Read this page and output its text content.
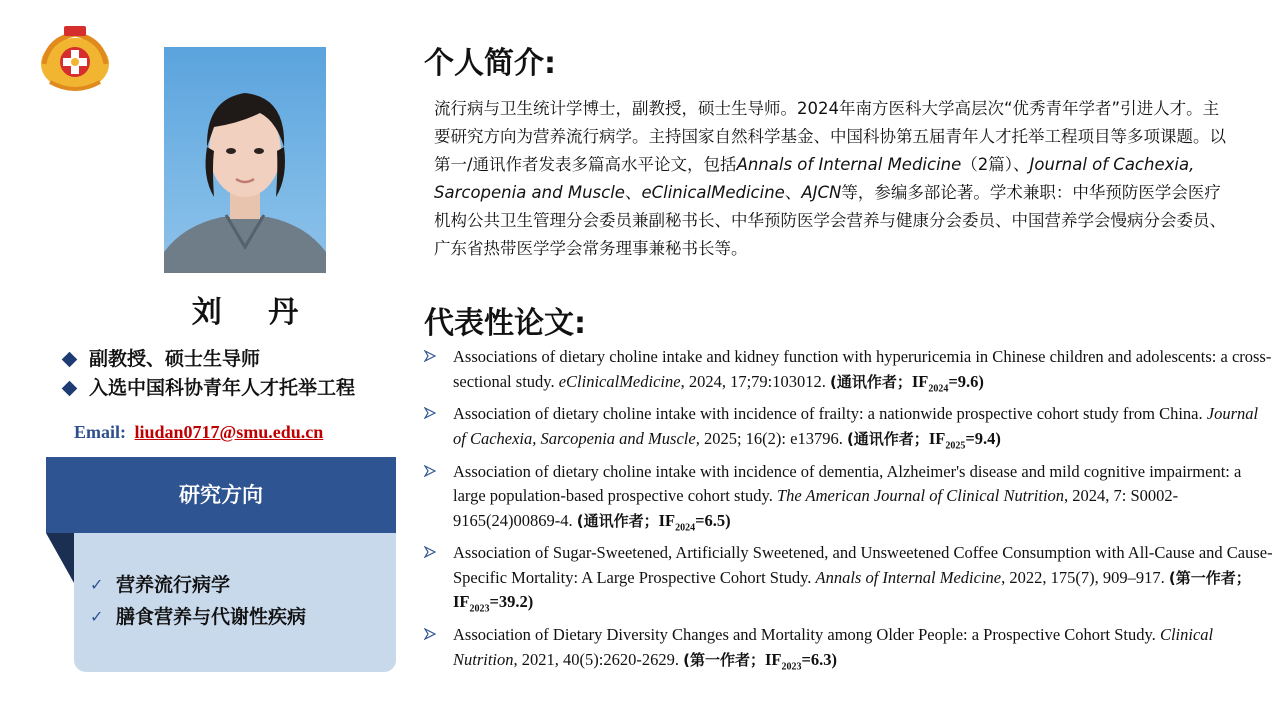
刘 丹
副教授、硕士生导师
入选中国科协青年人才托举工程
Email: liudan0717@smu.edu.cn
研究方向
✓ 营养流行病学
✓ 膳食营养与代谢性疾病
个人简介:

流行病与卫生统计学博士，副教授，硕士生导师。2024年南方医科大学高层次“优秀青年学者”引进人才。主要研究方向为营养流行病学。主持国家自然科学基金、中国科协第五届青年人才托举工程项目等多项课题。以第一/通讯作者发表多篇高水平论文，包括Annals of Internal Medicine（2篇）、Journal of Cachexia, Sarcopenia and Muscle、eClinicalMedicine、AJCN等，参编多部论著。学术兼职：中华预防医学会医疗机构公共卫生管理分会委员兼副秘书长、中华预防医学会营养与健康分会委员、中国营养学会慢病分会委员、广东省热带医学学会常务理事兼秘书长等。

代表性论文:
Associations of dietary choline intake and kidney function with hyperuricemia in Chinese children and adolescents: a cross-sectional study. eClinicalMedicine, 2024, 17;79:103012. (通讯作者；$IF_{2024}=9.6$)
Association of dietary choline intake with incidence of frailty: a nationwide prospective cohort study from China. Journal of Cachexia, Sarcopenia and Muscle, 2025; 16(2): e13796. (通讯作者；$IF_{2025}=9.4$)
Association of dietary choline intake with incidence of dementia, Alzheimer's disease and mild cognitive impairment: a large population-based prospective cohort study. The American Journal of Clinical Nutrition, 2024, 7: S0002-9165(24)00869-4. (通讯作者；$IF_{2024}=6.5$)
Association of Sugar-Sweetened, Artificially Sweetened, and Unsweetened Coffee Consumption with All-Cause and Cause-Specific Mortality: A Large Prospective Cohort Study. Annals of Internal Medicine, 2022, 175(7), 909–917. (第一作者；$IF_{2023}=39.2$)
Association of Dietary Diversity Changes and Mortality among Older People: a Prospective Cohort Study. Clinical Nutrition, 2021, 40(5):2620-2629. (第一作者；$IF_{2023}=6.3$)
